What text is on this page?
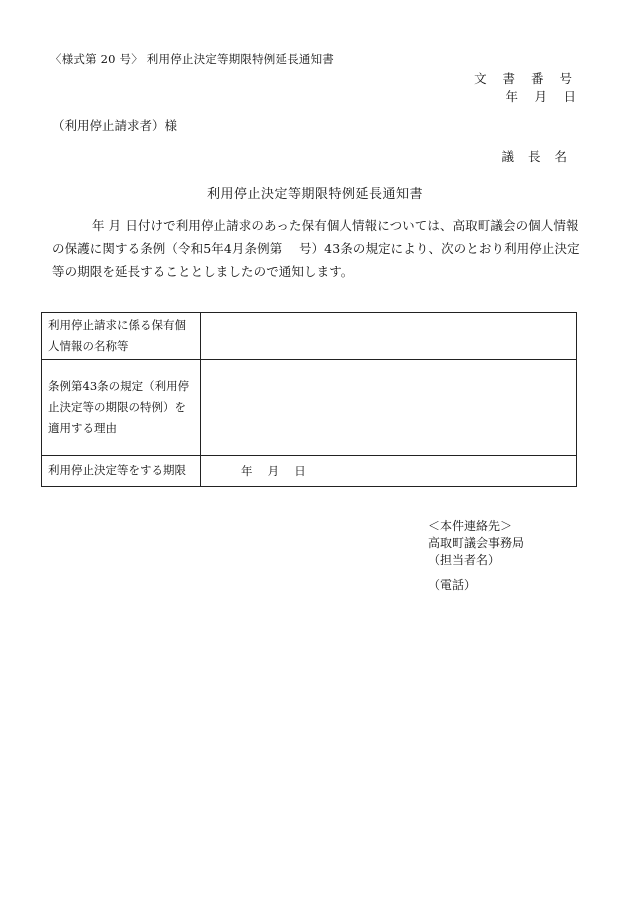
〈様式第 20 号〉 利用停止決定等期限特例延長通知書
文 書 番 号
年　月　日
（利用停止請求者）様
議 長 名
利用停止決定等期限特例延長通知書
年 月 日付けで利用停止請求のあった保有個人情報については、高取町議会の個人情報の保護に関する条例（令和5年4月条例第　 号）43条の規定により、次のとおり利用停止決定等の期限を延長することとしましたので通知します。
利用停止請求に係る保有個人情報の名称等	
条例第43条の規定（利用停止決定等の期限の特例）を適用する理由	
利用停止決定等をする期限	年　 月　 日
＜本件連絡先＞
高取町議会事務局
（担当者名）
（電話）
